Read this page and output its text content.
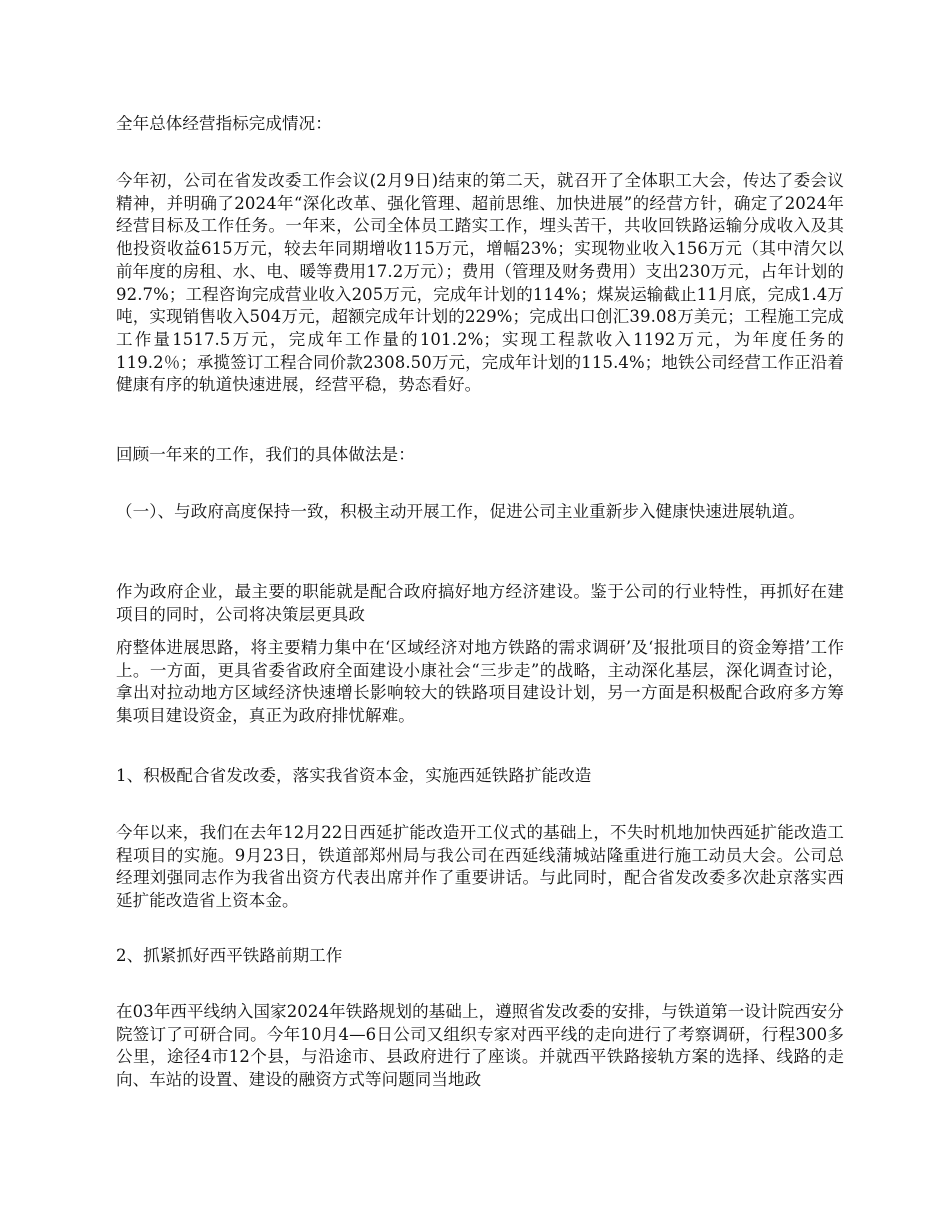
全年总体经营指标完成情况：

今年初，公司在省发改委工作会议(2月9日)结束的第二天，就召开了全体职工大会，传达了委会议精神，并明确了2024年“深化改革、强化管理、超前思维、加快进展”的经营方针，确定了2024年经营目标及工作任务。一年来，公司全体员工踏实工作，埋头苦干，共收回铁路运输分成收入及其他投资收益615万元，较去年同期增收115万元，增幅23%；实现物业收入156万元（其中清欠以前年度的房租、水、电、暖等费用17.2万元）；费用（管理及财务费用）支出230万元，占年计划的92.7%；工程咨询完成营业收入205万元，完成年计划的114%；煤炭运输截止11月底，完成1.4万吨，实现销售收入504万元，超额完成年计划的229%；完成出口创汇39.08万美元；工程施工完成工作量1517.5万元，完成年工作量的101.2%；实现工程款收入1192万元，为年度任务的119.2％；承揽签订工程合同价款2308.50万元，完成年计划的115.4%；地铁公司经营工作正沿着健康有序的轨道快速进展，经营平稳，势态看好。

回顾一年来的工作，我们的具体做法是：

（一）、与政府高度保持一致，积极主动开展工作，促进公司主业重新步入健康快速进展轨道。

作为政府企业，最主要的职能就是配合政府搞好地方经济建设。鉴于公司的行业特性，再抓好在建项目的同时，公司将决策层更具政

府整体进展思路，将主要精力集中在‘区域经济对地方铁路的需求调研’及‘报批项目的资金筹措’工作上。一方面，更具省委省政府全面建设小康社会“三步走”的战略，主动深化基层，深化调查讨论，拿出对拉动地方区域经济快速增长影响较大的铁路项目建设计划，另一方面是积极配合政府多方筹集项目建设资金，真正为政府排忧解难。

1、积极配合省发改委，落实我省资本金，实施西延铁路扩能改造

今年以来，我们在去年12月22日西延扩能改造开工仪式的基础上，不失时机地加快西延扩能改造工程项目的实施。9月23日，铁道部郑州局与我公司在西延线蒲城站隆重进行施工动员大会。公司总经理刘强同志作为我省出资方代表出席并作了重要讲话。与此同时，配合省发改委多次赴京落实西延扩能改造省上资本金。

2、抓紧抓好西平铁路前期工作

在03年西平线纳入国家2024年铁路规划的基础上，遵照省发改委的安排，与铁道第一设计院西安分院签订了可研合同。今年10月4—6日公司又组织专家对西平线的走向进行了考察调研，行程300多公里，途径4市12个县，与沿途市、县政府进行了座谈。并就西平铁路接轨方案的选择、线路的走向、车站的设置、建设的融资方式等问题同当地政
